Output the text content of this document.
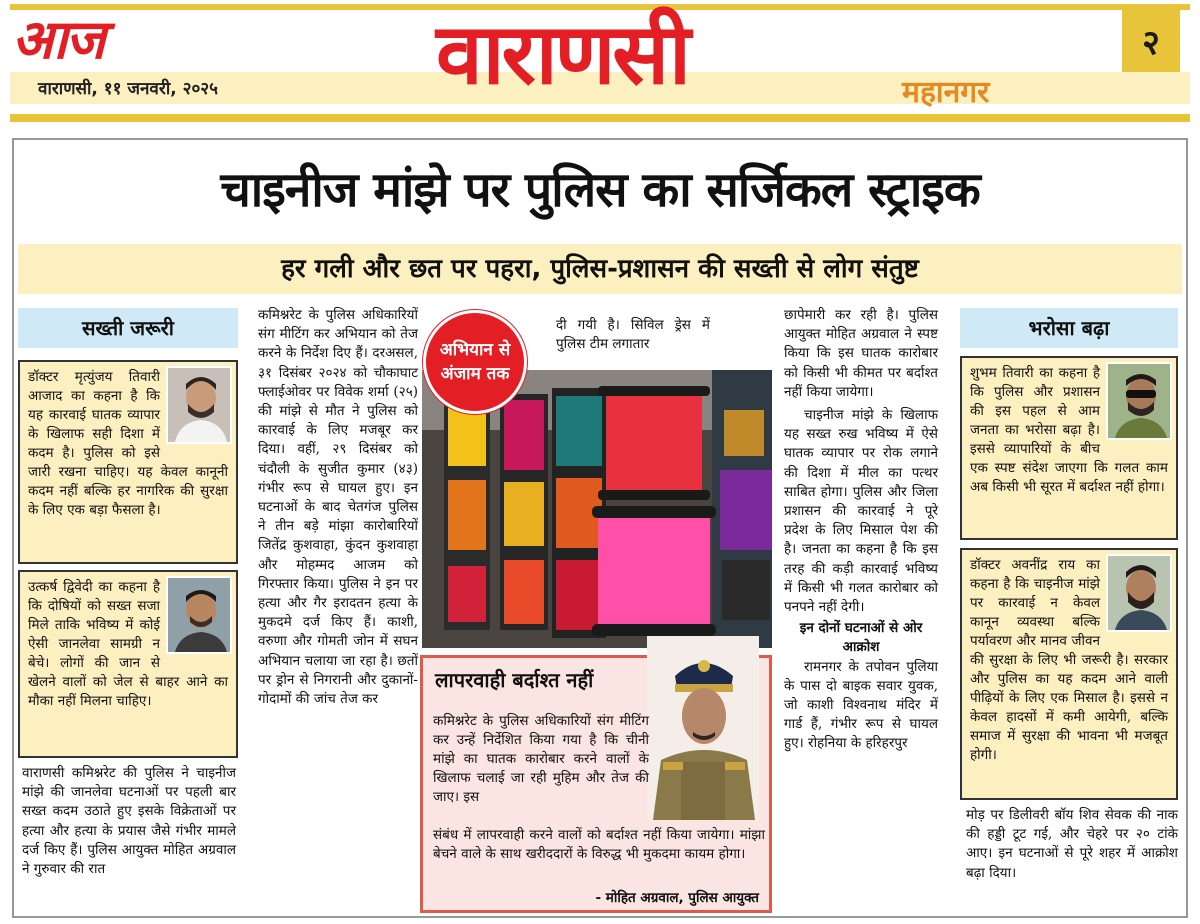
आज
वाराणसी, ११ जनवरी, २०२५	वाराणसी	महानगर
२
चाइनीज मांझे पर पुलिस का सर्जिकल स्ट्राइक
हर गली और छत पर पहरा, पुलिस-प्रशासन की सख्ती से लोग संतुष्ट
सख्ती जरूरी
डॉक्टर मृत्युंजय तिवारी आजाद का कहना है कि यह कारवाई घातक व्यापार के खिलाफ सही दिशा में कदम है। पुलिस को इसे जारी रखना चाहिए। यह केवल कानूनी कदम नहीं बल्कि हर नागरिक की सुरक्षा के लिए एक बड़ा फैसला है।
उत्कर्ष द्विवेदी का कहना है कि दोषियों को सख्त सजा मिले ताकि भविष्य में कोई ऐसी जानलेवा सामग्री न बेचे। लोगों की जान से खेलने वालों को जेल से बाहर आने का मौका नहीं मिलना चाहिए।
वाराणसी कमिश्नरेट की पुलिस ने चाइनीज मांझे की जानलेवा घटनाओं पर पहली बार सख्त कदम उठाते हुए इसके विक्रेताओं पर हत्या और हत्या के प्रयास जैसे गंभीर मामले दर्ज किए हैं। पुलिस आयुक्त मोहित अग्रवाल ने गुरुवार की रात
कमिश्नरेट के पुलिस अधिकारियों संग मीटिंग कर अभियान को तेज करने के निर्देश दिए हैं। दरअसल, ३१ दिसंबर २०२४ को चौकाघाट फ्लाईओवर पर विवेक शर्मा (२५) की मांझे से मौत ने पुलिस को कारवाई के लिए मजबूर कर दिया। वहीं, २९ दिसंबर को चंदौली के सुजीत कुमार (४३) गंभीर रूप से घायल हुए। इन घटनाओं के बाद चेतगंज पुलिस ने तीन बड़े मांझा कारोबारियों जितेंद्र कुशवाहा, कुंदन कुशवाहा और मोहम्मद आजम को गिरफ्तार किया। पुलिस ने इन पर हत्या और गैर इरादतन हत्या के मुकदमे दर्ज किए हैं। काशी, वरुणा और गोमती जोन में सघन अभियान चलाया जा रहा है। छतों पर ड्रोन से निगरानी और दुकानों-गोदामों की जांच तेज कर
दी गयी है। सिविल ड्रेस में पुलिस टीम लगातार
अभियान से अंजाम तक
लापरवाही बर्दाश्त नहीं
कमिश्नरेट के पुलिस अधिकारियों संग मीटिंग कर उन्हें निर्देशित किया गया है कि चीनी मांझे का घातक कारोबार करने वालों के खिलाफ चलाई जा रही मुहिम और तेज की जाए। इस
संबंध में लापरवाही करने वालों को बर्दाश्त नहीं किया जायेगा। मांझा बेचने वाले के साथ खरीददारों के विरुद्ध भी मुकदमा कायम होगा।
- मोहित अग्रवाल, पुलिस आयुक्त
छापेमारी कर रही है। पुलिस आयुक्त मोहित अग्रवाल ने स्पष्ट किया कि इस घातक कारोबार को किसी भी कीमत पर बर्दाश्त नहीं किया जायेगा।
चाइनीज मांझे के खिलाफ यह सख्त रुख भविष्य में ऐसे घातक व्यापार पर रोक लगाने की दिशा में मील का पत्थर साबित होगा। पुलिस और जिला प्रशासन की कारवाई ने पूरे प्रदेश के लिए मिसाल पेश की है। जनता का कहना है कि इस तरह की कड़ी कारवाई भविष्य में किसी भी गलत कारोबार को पनपने नहीं देगी।
इन दोनों घटनाओं से ओर आक्रोश
रामनगर के तपोवन पुलिया के पास दो बाइक सवार युवक, जो काशी विश्वनाथ मंदिर में गार्ड हैं, गंभीर रूप से घायल हुए। रोहनिया के हरिहरपुर
भरोसा बढ़ा
शुभम तिवारी का कहना है कि पुलिस और प्रशासन की इस पहल से आम जनता का भरोसा बढ़ा है। इससे व्यापारियों के बीच एक स्पष्ट संदेश जाएगा कि गलत काम अब किसी भी सूरत में बर्दाश्त नहीं होगा।
डॉक्टर अवनींद्र राय का कहना है कि चाइनीज मांझे पर कारवाई न केवल कानून व्यवस्था बल्कि पर्यावरण और मानव जीवन की सुरक्षा के लिए भी जरूरी है। सरकार और पुलिस का यह कदम आने वाली पीढ़ियों के लिए एक मिसाल है। इससे न केवल हादसों में कमी आयेगी, बल्कि समाज में सुरक्षा की भावना भी मजबूत होगी।
मोड़ पर डिलीवरी बॉय शिव सेवक की नाक की हड्डी टूट गई, और चेहरे पर २० टांके आए। इन घटनाओं से पूरे शहर में आक्रोश बढ़ा दिया।
